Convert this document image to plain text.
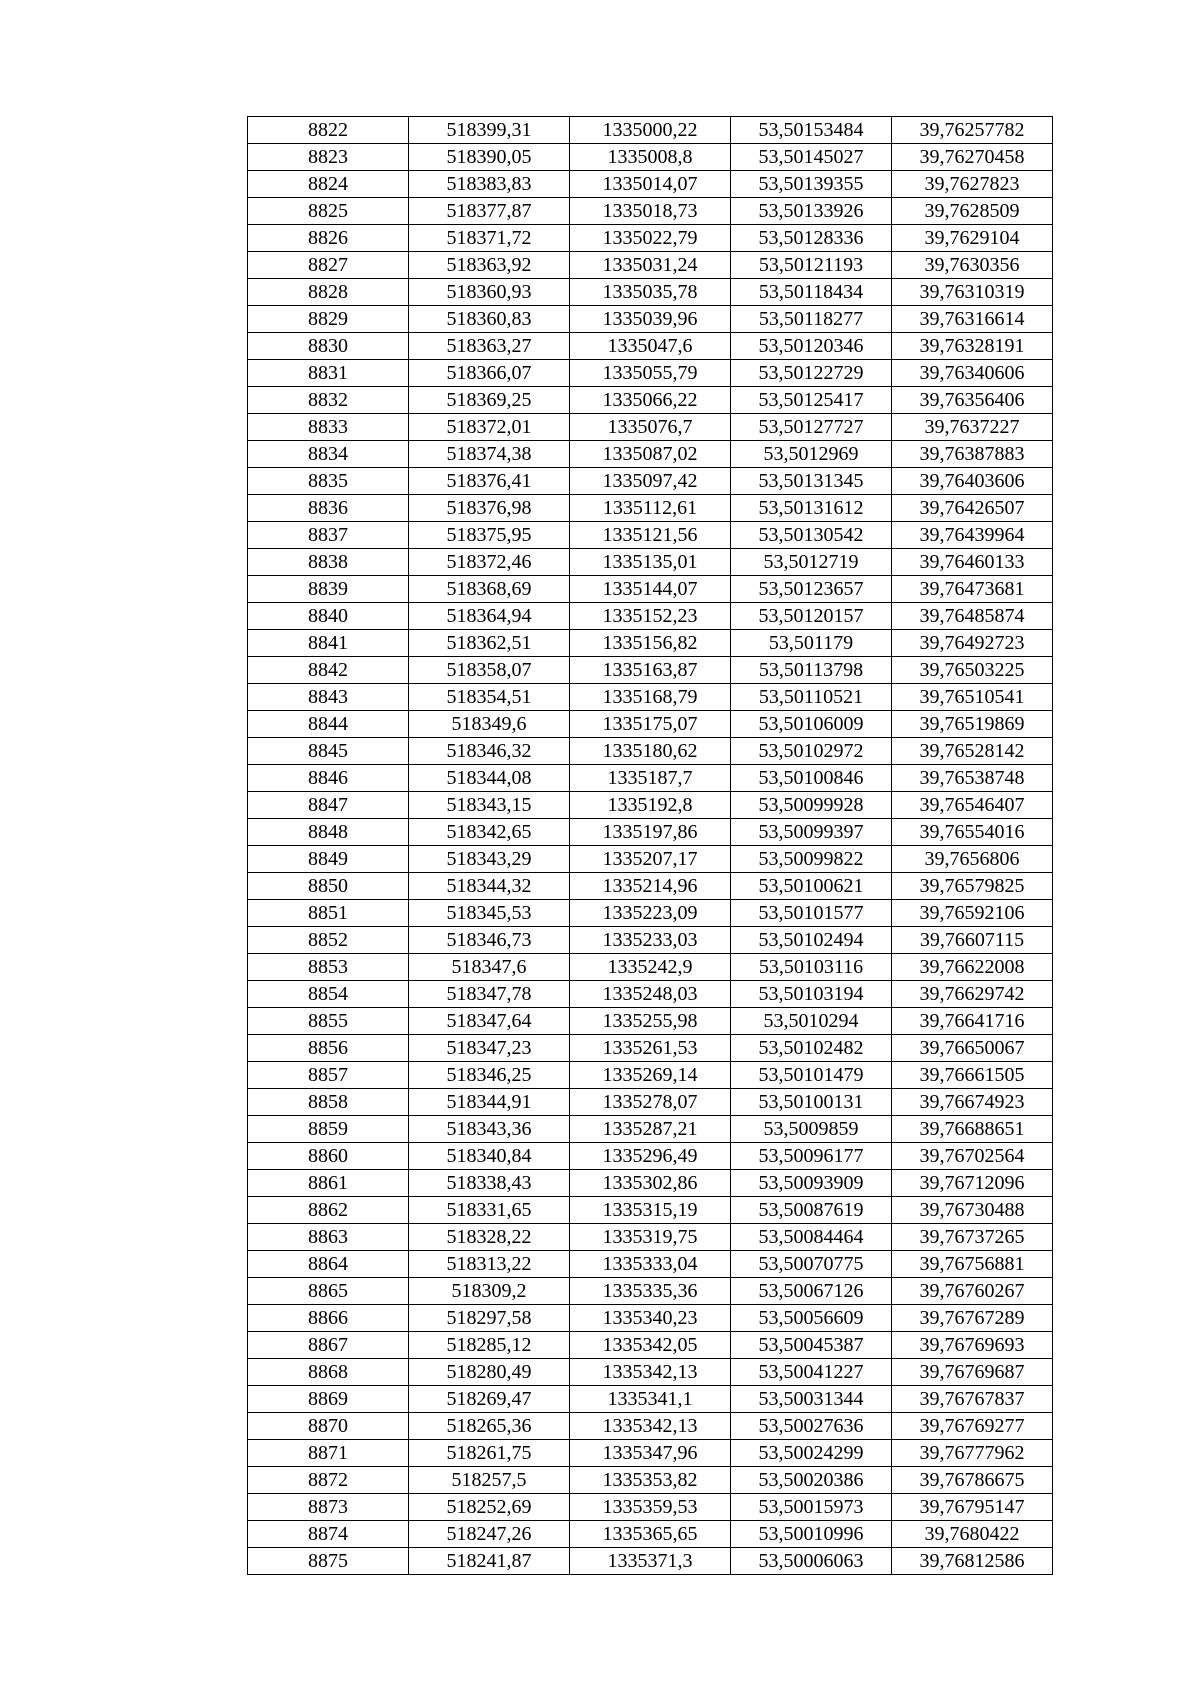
8822	518399,31	1335000,22	53,50153484	39,76257782
8823	518390,05	1335008,8	53,50145027	39,76270458
8824	518383,83	1335014,07	53,50139355	39,7627823
8825	518377,87	1335018,73	53,50133926	39,7628509
8826	518371,72	1335022,79	53,50128336	39,7629104
8827	518363,92	1335031,24	53,50121193	39,7630356
8828	518360,93	1335035,78	53,50118434	39,76310319
8829	518360,83	1335039,96	53,50118277	39,76316614
8830	518363,27	1335047,6	53,50120346	39,76328191
8831	518366,07	1335055,79	53,50122729	39,76340606
8832	518369,25	1335066,22	53,50125417	39,76356406
8833	518372,01	1335076,7	53,50127727	39,7637227
8834	518374,38	1335087,02	53,5012969	39,76387883
8835	518376,41	1335097,42	53,50131345	39,76403606
8836	518376,98	1335112,61	53,50131612	39,76426507
8837	518375,95	1335121,56	53,50130542	39,76439964
8838	518372,46	1335135,01	53,5012719	39,76460133
8839	518368,69	1335144,07	53,50123657	39,76473681
8840	518364,94	1335152,23	53,50120157	39,76485874
8841	518362,51	1335156,82	53,501179	39,76492723
8842	518358,07	1335163,87	53,50113798	39,76503225
8843	518354,51	1335168,79	53,50110521	39,76510541
8844	518349,6	1335175,07	53,50106009	39,76519869
8845	518346,32	1335180,62	53,50102972	39,76528142
8846	518344,08	1335187,7	53,50100846	39,76538748
8847	518343,15	1335192,8	53,50099928	39,76546407
8848	518342,65	1335197,86	53,50099397	39,76554016
8849	518343,29	1335207,17	53,50099822	39,7656806
8850	518344,32	1335214,96	53,50100621	39,76579825
8851	518345,53	1335223,09	53,50101577	39,76592106
8852	518346,73	1335233,03	53,50102494	39,76607115
8853	518347,6	1335242,9	53,50103116	39,76622008
8854	518347,78	1335248,03	53,50103194	39,76629742
8855	518347,64	1335255,98	53,5010294	39,76641716
8856	518347,23	1335261,53	53,50102482	39,76650067
8857	518346,25	1335269,14	53,50101479	39,76661505
8858	518344,91	1335278,07	53,50100131	39,76674923
8859	518343,36	1335287,21	53,5009859	39,76688651
8860	518340,84	1335296,49	53,50096177	39,76702564
8861	518338,43	1335302,86	53,50093909	39,76712096
8862	518331,65	1335315,19	53,50087619	39,76730488
8863	518328,22	1335319,75	53,50084464	39,76737265
8864	518313,22	1335333,04	53,50070775	39,76756881
8865	518309,2	1335335,36	53,50067126	39,76760267
8866	518297,58	1335340,23	53,50056609	39,76767289
8867	518285,12	1335342,05	53,50045387	39,76769693
8868	518280,49	1335342,13	53,50041227	39,76769687
8869	518269,47	1335341,1	53,50031344	39,76767837
8870	518265,36	1335342,13	53,50027636	39,76769277
8871	518261,75	1335347,96	53,50024299	39,76777962
8872	518257,5	1335353,82	53,50020386	39,76786675
8873	518252,69	1335359,53	53,50015973	39,76795147
8874	518247,26	1335365,65	53,50010996	39,7680422
8875	518241,87	1335371,3	53,50006063	39,76812586
